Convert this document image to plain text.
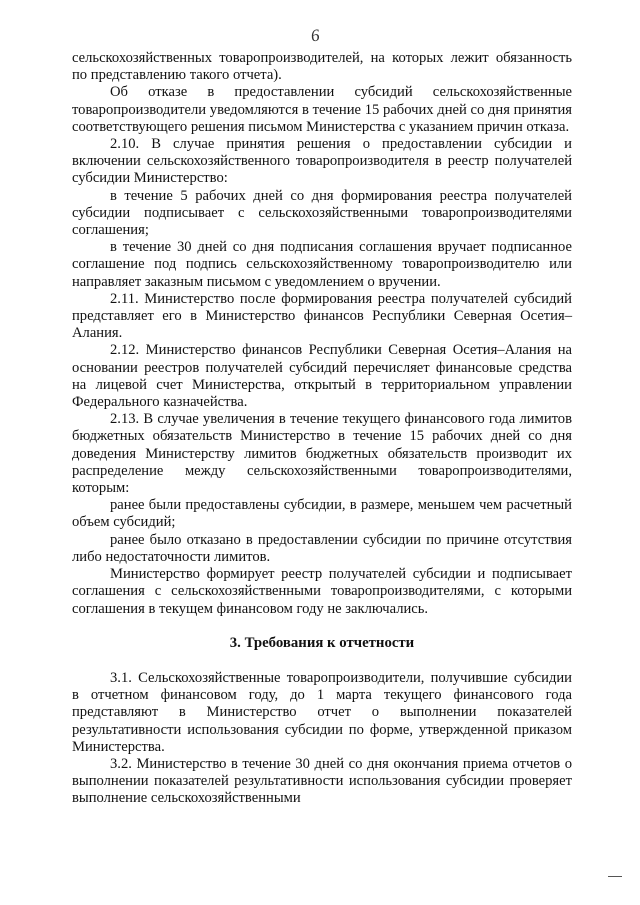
6

сельскохозяйственных товаропроизводителей, на которых лежит обязанность по представлению такого отчета).

Об отказе в предоставлении субсидий сельскохозяйственные товаропроизводители уведомляются в течение 15 рабочих дней со дня принятия соответствующего решения письмом Министерства с указанием причин отказа.

2.10. В случае принятия решения о предоставлении субсидии и включении сельскохозяйственного товаропроизводителя в реестр получателей субсидии Министерство:

в течение 5 рабочих дней со дня формирования реестра получателей субсидии подписывает с сельскохозяйственными товаропроизводителями соглашения;

в течение 30 дней со дня подписания соглашения вручает подписанное соглашение под подпись сельскохозяйственному товаропроизводителю или направляет заказным письмом с уведомлением о вручении.

2.11. Министерство после формирования реестра получателей субсидий представляет его в Министерство финансов Республики Северная Осетия–Алания.

2.12. Министерство финансов Республики Северная Осетия–Алания на основании реестров получателей субсидий перечисляет финансовые средства на лицевой счет Министерства, открытый в территориальном управлении Федерального казначейства.

2.13. В случае увеличения в течение текущего финансового года лимитов бюджетных обязательств Министерство в течение 15 рабочих дней со дня доведения Министерству лимитов бюджетных обязательств производит их распределение между сельскохозяйственными товаропроизводителями, которым:

ранее были предоставлены субсидии, в размере, меньшем чем расчетный объем субсидий;

ранее было отказано в предоставлении субсидии по причине отсутствия либо недостаточности лимитов.

Министерство формирует реестр получателей субсидии и подписывает соглашения с сельскохозяйственными товаропроизводителями, с которыми соглашения в текущем финансовом году не заключались.

3. Требования к отчетности

3.1. Сельскохозяйственные товаропроизводители, получившие субсидии в отчетном финансовом году, до 1 марта текущего финансового года представляют в Министерство отчет о выполнении показателей результативности использования субсидии по форме, утвержденной приказом Министерства.

3.2. Министерство в течение 30 дней со дня окончания приема отчетов о выполнении показателей результативности использования субсидии проверяет выполнение сельскохозяйственными
